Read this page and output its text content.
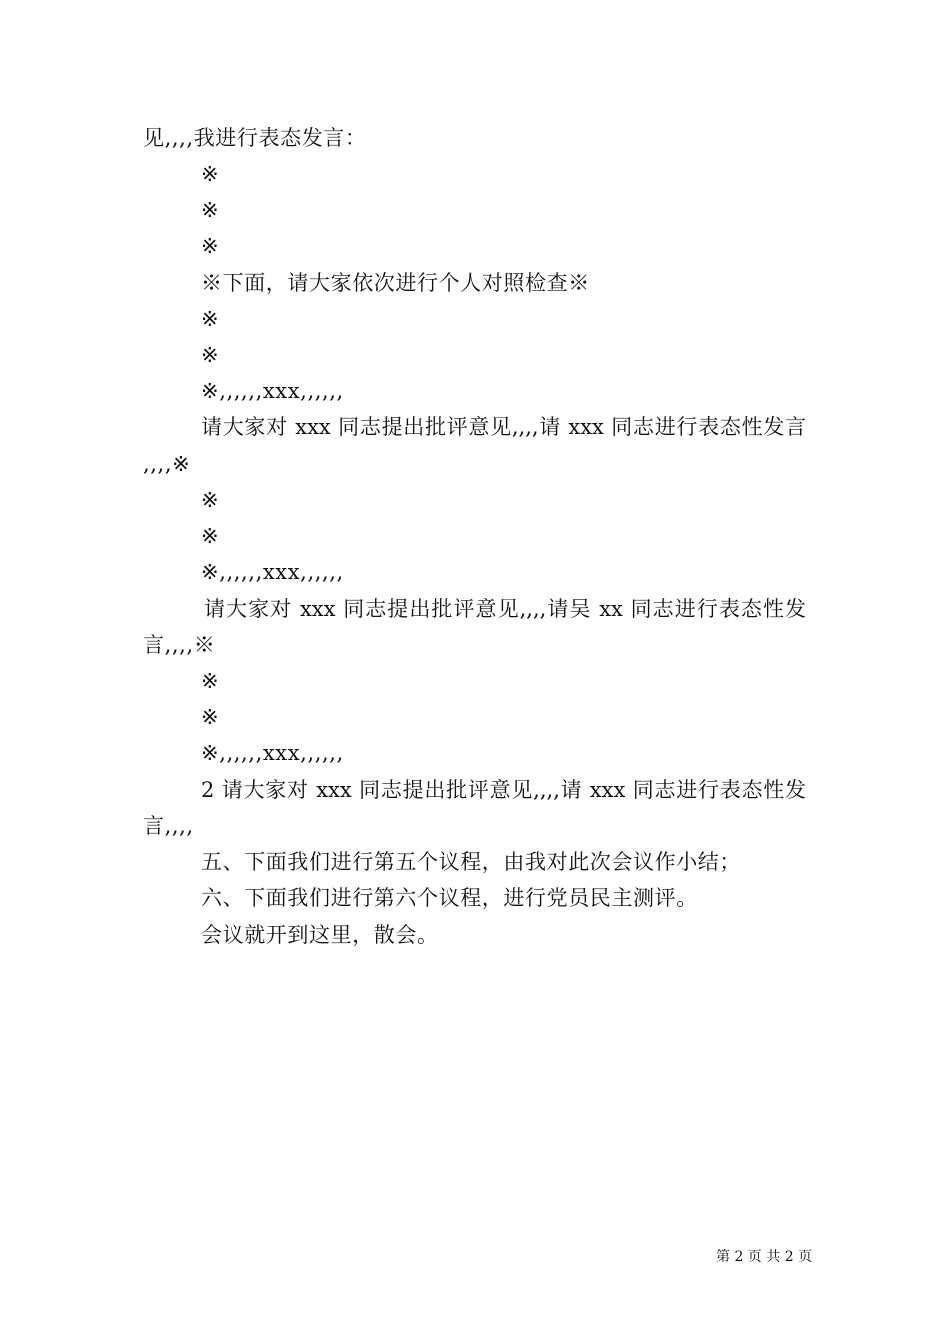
见,,,,我进行表态发言：
※
※
※
※下面，请大家依次进行个人对照检查※
※
※
※,,,,,,xxx,,,,,,
请大家对 xxx 同志提出批评意见,,,,请 xxx 同志进行表态性发言
,,,,※
※
※
※,,,,,,xxx,,,,,,
请大家对 xxx 同志提出批评意见,,,,请吴 xx 同志进行表态性发
言,,,,※
※
※
※,,,,,,xxx,,,,,,
2 请大家对 xxx 同志提出批评意见,,,,请 xxx 同志进行表态性发
言,,,,
五、下面我们进行第五个议程，由我对此次会议作小结；
六、下面我们进行第六个议程，进行党员民主测评。
会议就开到这里，散会。
第 2 页 共 2 页
